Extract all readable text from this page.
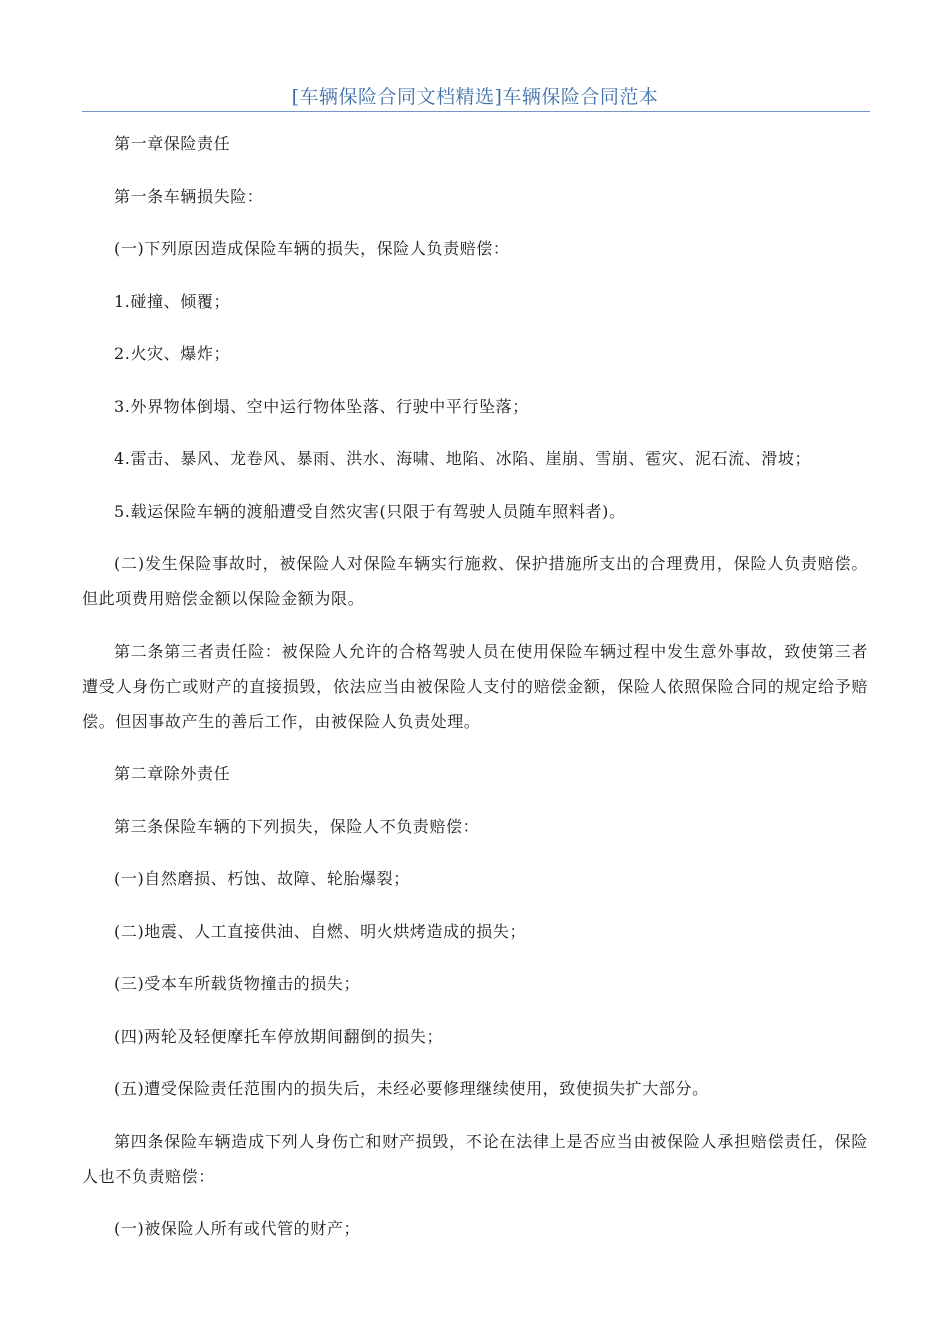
[车辆保险合同文档精选]车辆保险合同范本

第一章保险责任

第一条车辆损失险：

(一)下列原因造成保险车辆的损失，保险人负责赔偿：

1.碰撞、倾覆；

2.火灾、爆炸；

3.外界物体倒塌、空中运行物体坠落、行驶中平行坠落；

4.雷击、暴风、龙卷风、暴雨、洪水、海啸、地陷、冰陷、崖崩、雪崩、雹灾、泥石流、滑坡；

5.载运保险车辆的渡船遭受自然灾害(只限于有驾驶人员随车照料者)。

(二)发生保险事故时，被保险人对保险车辆实行施救、保护措施所支出的合理费用，保险人负责赔偿。但此项费用赔偿金额以保险金额为限。

第二条第三者责任险：被保险人允许的合格驾驶人员在使用保险车辆过程中发生意外事故，致使第三者遭受人身伤亡或财产的直接损毁，依法应当由被保险人支付的赔偿金额，保险人依照保险合同的规定给予赔偿。但因事故产生的善后工作，由被保险人负责处理。

第二章除外责任

第三条保险车辆的下列损失，保险人不负责赔偿：

(一)自然磨损、朽蚀、故障、轮胎爆裂；

(二)地震、人工直接供油、自燃、明火烘烤造成的损失；

(三)受本车所载货物撞击的损失；

(四)两轮及轻便摩托车停放期间翻倒的损失；

(五)遭受保险责任范围内的损失后，未经必要修理继续使用，致使损失扩大部分。

第四条保险车辆造成下列人身伤亡和财产损毁，不论在法律上是否应当由被保险人承担赔偿责任，保险人也不负责赔偿：

(一)被保险人所有或代管的财产；
